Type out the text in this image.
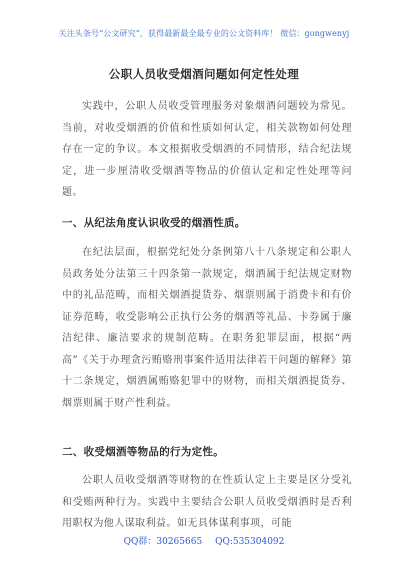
关注头条号“公文研究”，获得最新最全最专业的公文资料库！ 微信：gongwenyj
公职人员收受烟酒问题如何定性处理

实践中，公职人员收受管理服务对象烟酒问题较为常见。当前，对收受烟酒的价值和性质如何认定，相关款物如何处理存在一定的争议。本文根据收受烟酒的不同情形，结合纪法规定，进一步厘清收受烟酒等物品的价值认定和定性处理等问题。

一、从纪法角度认识收受的烟酒性质。

在纪法层面，根据党纪处分条例第八十八条规定和公职人员政务处分法第三十四条第一款规定，烟酒属于纪法规定财物中的礼品范畴，而相关烟酒提货券、烟票则属于消费卡和有价证券范畴，收受影响公正执行公务的烟酒等礼品、卡券属于廉洁纪律、廉洁要求的规制范畴。在职务犯罪层面，根据“两高”《关于办理贪污贿赂刑事案件适用法律若干问题的解释》第十二条规定，烟酒属贿赂犯罪中的财物，而相关烟酒提货券、烟票则属于财产性利益。

二、收受烟酒等物品的行为定性。

公职人员收受烟酒等财物的在性质认定上主要是区分受礼和受贿两种行为。实践中主要结合公职人员收受烟酒时是否利用职权为他人谋取利益。如无具体谋利事项，可能

QQ群：30265665 QQ:535304092
